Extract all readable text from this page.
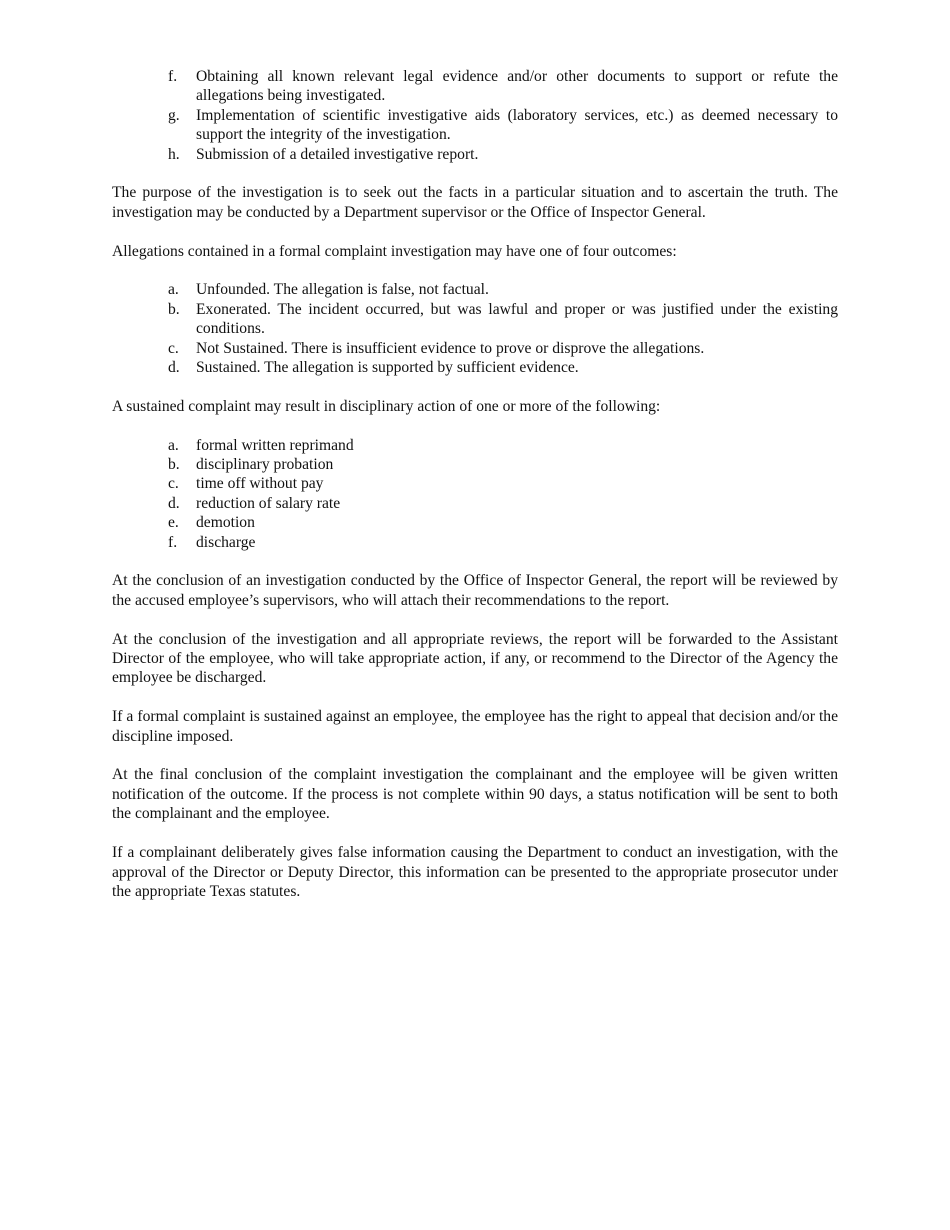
f. Obtaining all known relevant legal evidence and/or other documents to support or refute the allegations being investigated.
g. Implementation of scientific investigative aids (laboratory services, etc.) as deemed necessary to support the integrity of the investigation.
h. Submission of a detailed investigative report.

The purpose of the investigation is to seek out the facts in a particular situation and to ascertain the truth. The investigation may be conducted by a Department supervisor or the Office of Inspector General.

Allegations contained in a formal complaint investigation may have one of four outcomes:

a. Unfounded. The allegation is false, not factual.
b. Exonerated. The incident occurred, but was lawful and proper or was justified under the existing conditions.
c. Not Sustained. There is insufficient evidence to prove or disprove the allegations.
d. Sustained. The allegation is supported by sufficient evidence.

A sustained complaint may result in disciplinary action of one or more of the following:

a. formal written reprimand
b. disciplinary probation
c. time off without pay
d. reduction of salary rate
e. demotion
f. discharge

At the conclusion of an investigation conducted by the Office of Inspector General, the report will be reviewed by the accused employee’s supervisors, who will attach their recommendations to the report.

At the conclusion of the investigation and all appropriate reviews, the report will be forwarded to the Assistant Director of the employee, who will take appropriate action, if any, or recommend to the Director of the Agency the employee be discharged.

If a formal complaint is sustained against an employee, the employee has the right to appeal that decision and/or the discipline imposed.

At the final conclusion of the complaint investigation the complainant and the employee will be given written notification of the outcome. If the process is not complete within 90 days, a status notification will be sent to both the complainant and the employee.

If a complainant deliberately gives false information causing the Department to conduct an investigation, with the approval of the Director or Deputy Director, this information can be presented to the appropriate prosecutor under the appropriate Texas statutes.
